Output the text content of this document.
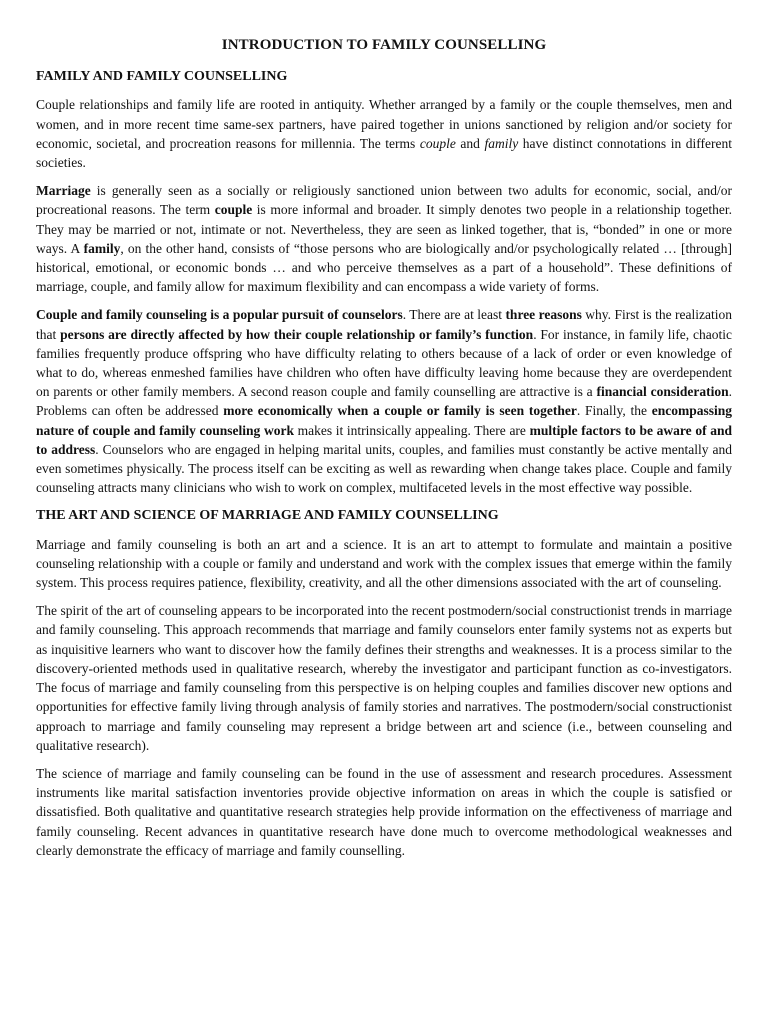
INTRODUCTION TO FAMILY COUNSELLING
FAMILY AND FAMILY COUNSELLING

Couple relationships and family life are rooted in antiquity. Whether arranged by a family or the couple themselves, men and women, and in more recent time same-sex partners, have paired together in unions sanctioned by religion and/or society for economic, societal, and procreation reasons for millennia. The terms couple and family have distinct connotations in different societies.

Marriage is generally seen as a socially or religiously sanctioned union between two adults for economic, social, and/or procreational reasons. The term couple is more informal and broader. It simply denotes two people in a relationship together. They may be married or not, intimate or not. Nevertheless, they are seen as linked together, that is, “bonded” in one or more ways. A family, on the other hand, consists of “those persons who are biologically and/or psychologically related … [through] historical, emotional, or economic bonds … and who perceive themselves as a part of a household”. These definitions of marriage, couple, and family allow for maximum flexibility and can encompass a wide variety of forms.

Couple and family counseling is a popular pursuit of counselors. There are at least three reasons why. First is the realization that persons are directly affected by how their couple relationship or family’s function. For instance, in family life, chaotic families frequently produce offspring who have difficulty relating to others because of a lack of order or even knowledge of what to do, whereas enmeshed families have children who often have difficulty leaving home because they are overdependent on parents or other family members. A second reason couple and family counselling are attractive is a financial consideration. Problems can often be addressed more economically when a couple or family is seen together. Finally, the encompassing nature of couple and family counseling work makes it intrinsically appealing. There are multiple factors to be aware of and to address. Counselors who are engaged in helping marital units, couples, and families must constantly be active mentally and even sometimes physically. The process itself can be exciting as well as rewarding when change takes place. Couple and family counseling attracts many clinicians who wish to work on complex, multifaceted levels in the most effective way possible.

THE ART AND SCIENCE OF MARRIAGE AND FAMILY COUNSELLING

Marriage and family counseling is both an art and a science. It is an art to attempt to formulate and maintain a positive counseling relationship with a couple or family and understand and work with the complex issues that emerge within the family system. This process requires patience, flexibility, creativity, and all the other dimensions associated with the art of counseling.

The spirit of the art of counseling appears to be incorporated into the recent postmodern/social constructionist trends in marriage and family counseling. This approach recommends that marriage and family counselors enter family systems not as experts but as inquisitive learners who want to discover how the family defines their strengths and weaknesses. It is a process similar to the discovery-oriented methods used in qualitative research, whereby the investigator and participant function as co-investigators. The focus of marriage and family counseling from this perspective is on helping couples and families discover new options and opportunities for effective family living through analysis of family stories and narratives. The postmodern/social constructionist approach to marriage and family counseling may represent a bridge between art and science (i.e., between counseling and qualitative research).

The science of marriage and family counseling can be found in the use of assessment and research procedures. Assessment instruments like marital satisfaction inventories provide objective information on areas in which the couple is satisfied or dissatisfied. Both qualitative and quantitative research strategies help provide information on the effectiveness of marriage and family counseling. Recent advances in quantitative research have done much to overcome methodological weaknesses and clearly demonstrate the efficacy of marriage and family counselling.
